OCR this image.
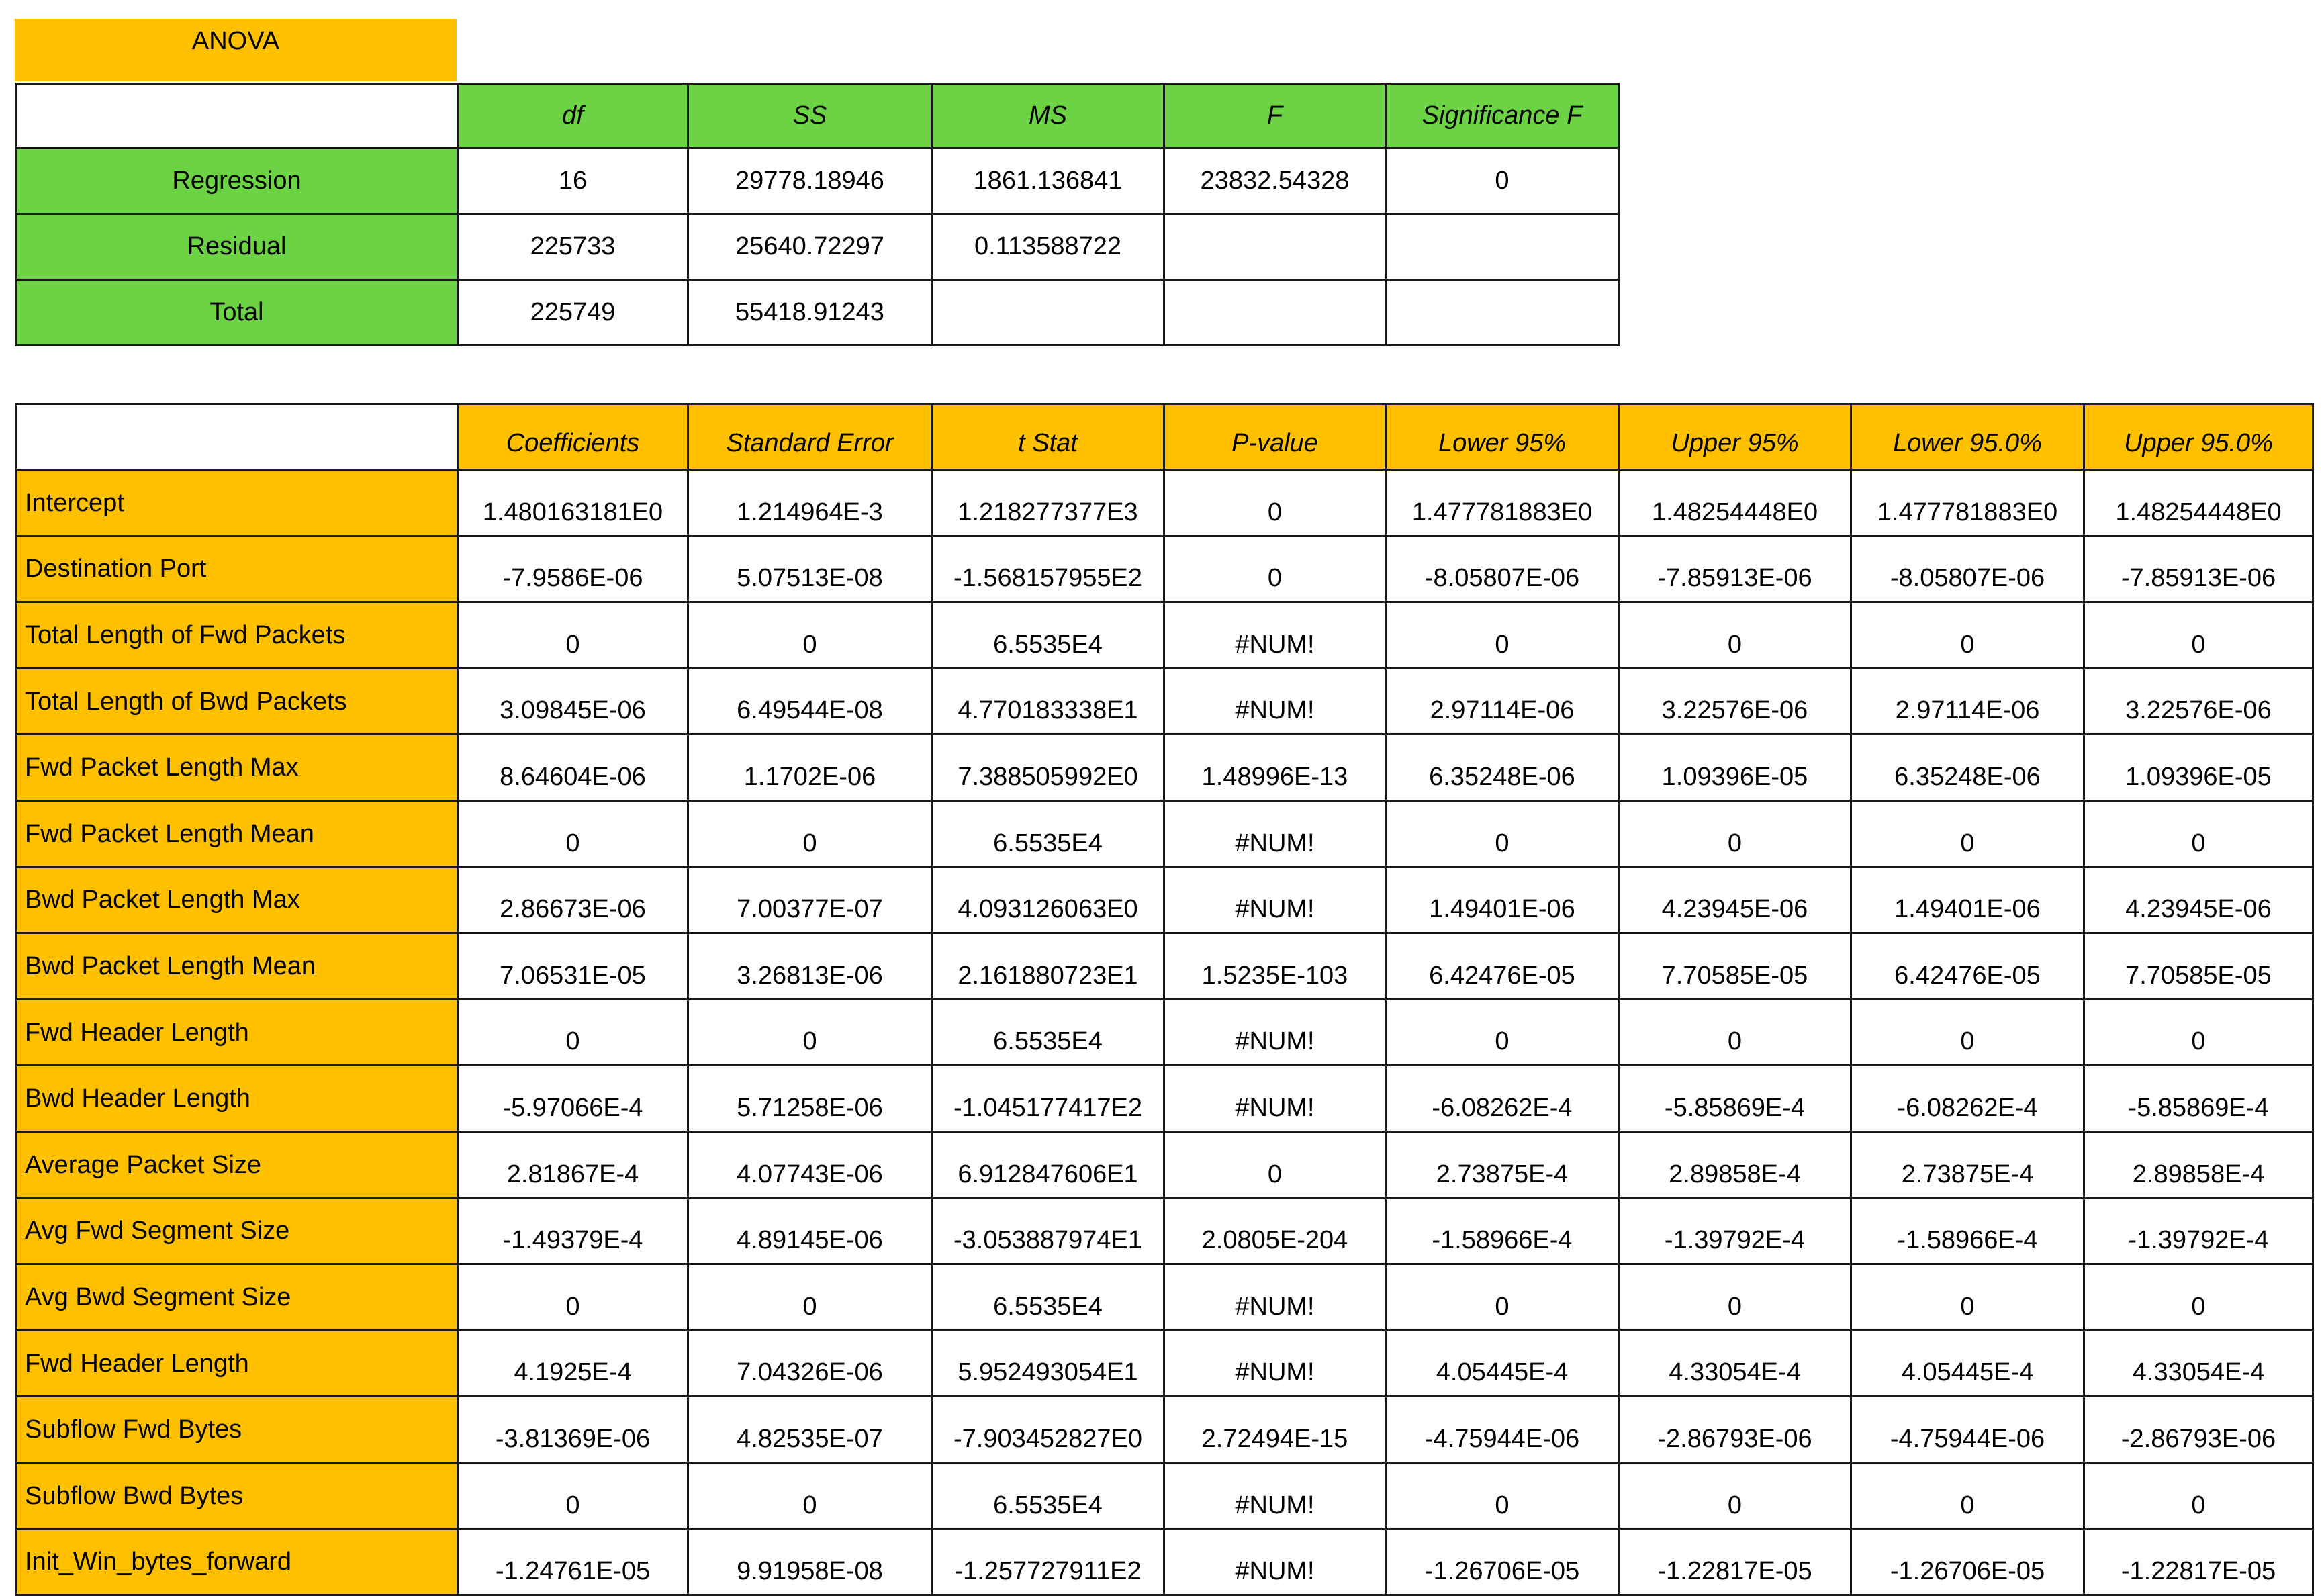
ANOVA
	df	SS	MS	F	Significance F
Regression	16	29778.18946	1861.136841	23832.54328	0
Residual	225733	25640.72297	0.113588722		
Total	225749	55418.91243			
	Coefficients	Standard Error	t Stat	P-value	Lower 95%	Upper 95%	Lower 95.0%	Upper 95.0%
Intercept	1.480163181E0	1.214964E-3	1.218277377E3	0	1.477781883E0	1.48254448E0	1.477781883E0	1.48254448E0
Destination Port	-7.9586E-06	5.07513E-08	-1.568157955E2	0	-8.05807E-06	-7.85913E-06	-8.05807E-06	-7.85913E-06
Total Length of Fwd Packets	0	0	6.5535E4	#NUM!	0	0	0	0
Total Length of Bwd Packets	3.09845E-06	6.49544E-08	4.770183338E1	#NUM!	2.97114E-06	3.22576E-06	2.97114E-06	3.22576E-06
Fwd Packet Length Max	8.64604E-06	1.1702E-06	7.388505992E0	1.48996E-13	6.35248E-06	1.09396E-05	6.35248E-06	1.09396E-05
Fwd Packet Length Mean	0	0	6.5535E4	#NUM!	0	0	0	0
Bwd Packet Length Max	2.86673E-06	7.00377E-07	4.093126063E0	#NUM!	1.49401E-06	4.23945E-06	1.49401E-06	4.23945E-06
Bwd Packet Length Mean	7.06531E-05	3.26813E-06	2.161880723E1	1.5235E-103	6.42476E-05	7.70585E-05	6.42476E-05	7.70585E-05
Fwd Header Length	0	0	6.5535E4	#NUM!	0	0	0	0
Bwd Header Length	-5.97066E-4	5.71258E-06	-1.045177417E2	#NUM!	-6.08262E-4	-5.85869E-4	-6.08262E-4	-5.85869E-4
Average Packet Size	2.81867E-4	4.07743E-06	6.912847606E1	0	2.73875E-4	2.89858E-4	2.73875E-4	2.89858E-4
Avg Fwd Segment Size	-1.49379E-4	4.89145E-06	-3.053887974E1	2.0805E-204	-1.58966E-4	-1.39792E-4	-1.58966E-4	-1.39792E-4
Avg Bwd Segment Size	0	0	6.5535E4	#NUM!	0	0	0	0
Fwd Header Length	4.1925E-4	7.04326E-06	5.952493054E1	#NUM!	4.05445E-4	4.33054E-4	4.05445E-4	4.33054E-4
Subflow Fwd Bytes	-3.81369E-06	4.82535E-07	-7.903452827E0	2.72494E-15	-4.75944E-06	-2.86793E-06	-4.75944E-06	-2.86793E-06
Subflow Bwd Bytes	0	0	6.5535E4	#NUM!	0	0	0	0
Init_Win_bytes_forward	-1.24761E-05	9.91958E-08	-1.257727911E2	#NUM!	-1.26706E-05	-1.22817E-05	-1.26706E-05	-1.22817E-05
